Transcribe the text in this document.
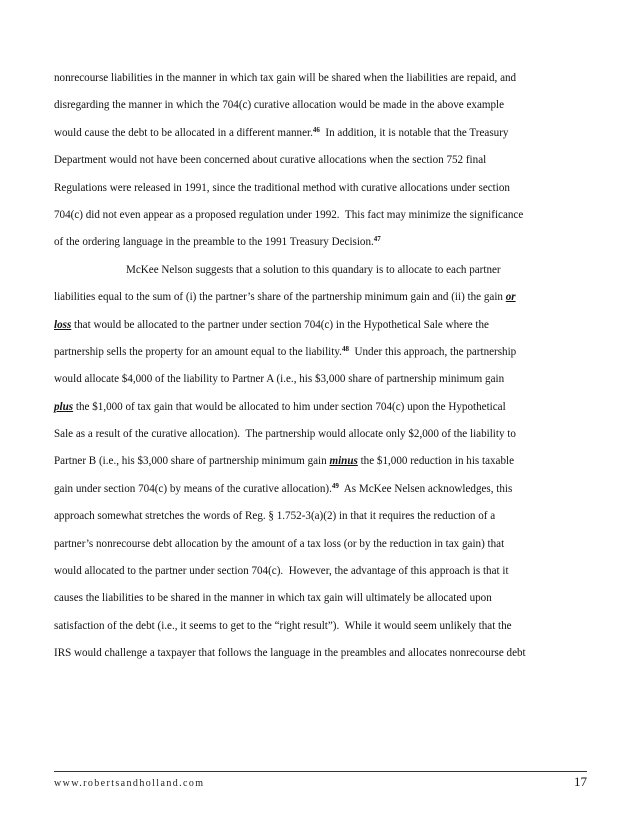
nonrecourse liabilities in the manner in which tax gain will be shared when the liabilities are repaid, and
disregarding the manner in which the 704(c) curative allocation would be made in the above example
would cause the debt to be allocated in a different manner.$^{46}$  In addition, it is notable that the Treasury
Department would not have been concerned about curative allocations when the section 752 final
Regulations were released in 1991, since the traditional method with curative allocations under section
704(c) did not even appear as a proposed regulation under 1992.  This fact may minimize the significance
of the ordering language in the preamble to the 1991 Treasury Decision.$^{47}$
McKee Nelson suggests that a solution to this quandary is to allocate to each partner
liabilities equal to the sum of (i) the partner’s share of the partnership minimum gain and (ii) the gain or
loss that would be allocated to the partner under section 704(c) in the Hypothetical Sale where the
partnership sells the property for an amount equal to the liability.$^{48}$  Under this approach, the partnership
would allocate $4,000 of the liability to Partner A (i.e., his $3,000 share of partnership minimum gain
plus the $1,000 of tax gain that would be allocated to him under section 704(c) upon the Hypothetical
Sale as a result of the curative allocation).  The partnership would allocate only $2,000 of the liability to
Partner B (i.e., his $3,000 share of partnership minimum gain minus the $1,000 reduction in his taxable
gain under section 704(c) by means of the curative allocation).$^{49}$  As McKee Nelsen acknowledges, this
approach somewhat stretches the words of Reg. § 1.752-3(a)(2) in that it requires the reduction of a
partner’s nonrecourse debt allocation by the amount of a tax loss (or by the reduction in tax gain) that
would allocated to the partner under section 704(c).  However, the advantage of this approach is that it
causes the liabilities to be shared in the manner in which tax gain will ultimately be allocated upon
satisfaction of the debt (i.e., it seems to get to the “right result”).  While it would seem unlikely that the
IRS would challenge a taxpayer that follows the language in the preambles and allocates nonrecourse debt
www.robertsandholland.com	17
